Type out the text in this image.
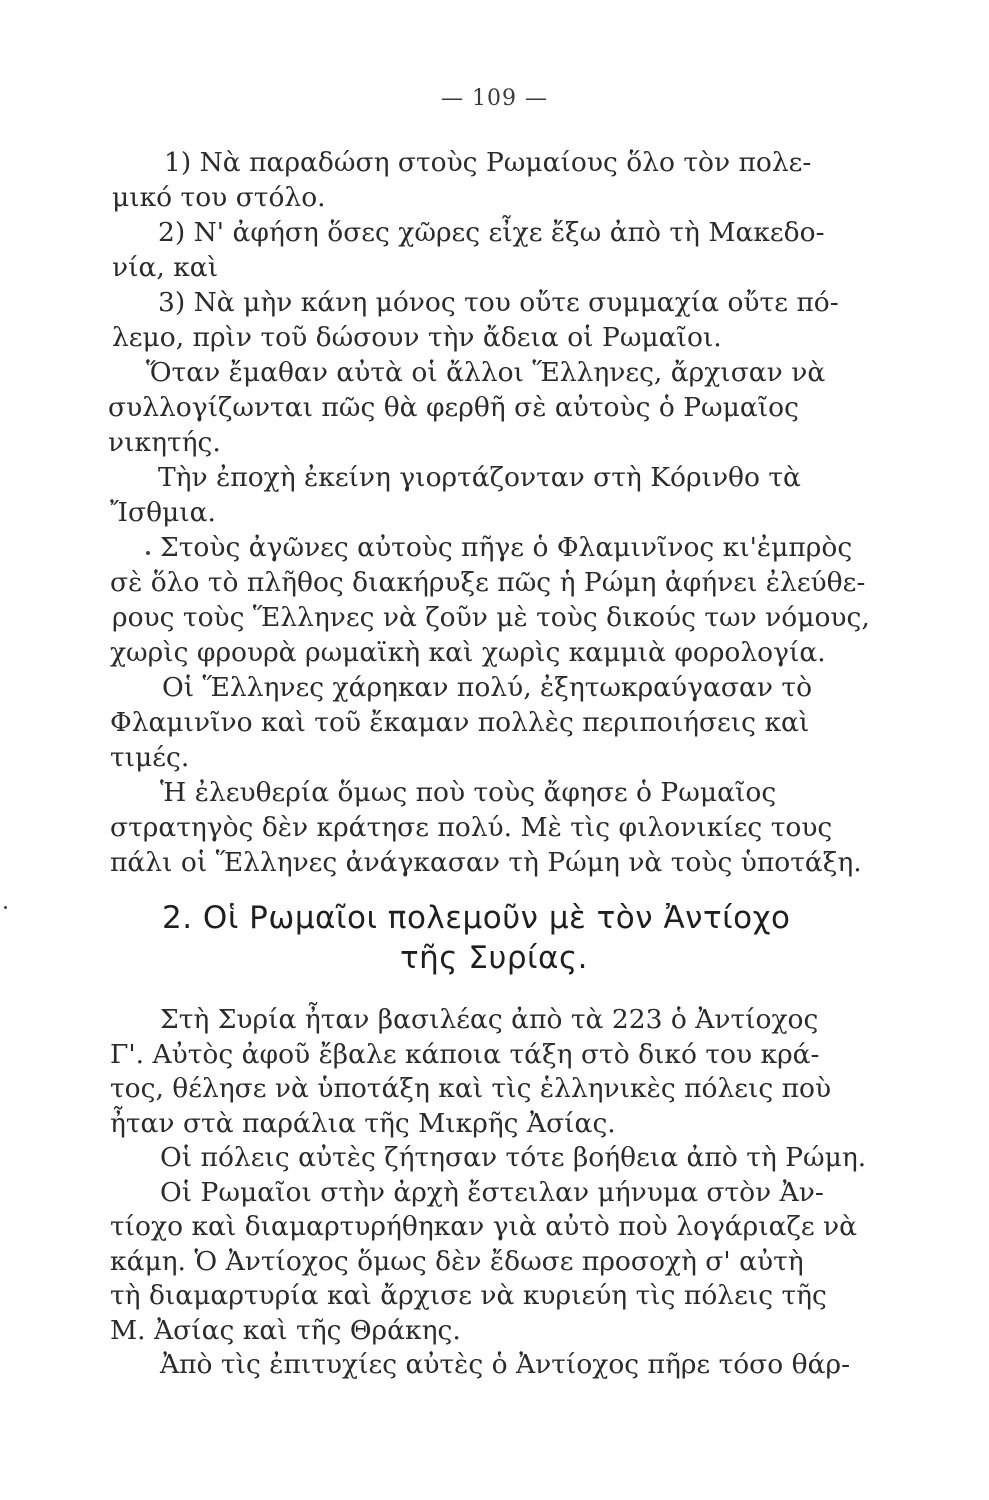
— 109 —
1) Νὰ παραδώση στοὺς Ρωμαίους ὅλο τὸν πολε-
μικό του στόλο.
2) Ν' ἀφήση ὅσες χῶρες εἶχε ἔξω ἀπὸ τὴ Μακεδο-
νία, καὶ
3) Νὰ μὴν κάνη μόνος του οὔτε συμμαχία οὔτε πό-
λεμο, πρὶν τοῦ δώσουν τὴν ἄδεια οἱ Ρωμαῖοι.
Ὅταν ἔμαθαν αὐτὰ οἱ ἄλλοι Ἕλληνες, ἄρχισαν νὰ
συλλογίζωνται πῶς θὰ φερθῆ σὲ αὐτοὺς ὁ Ρωμαῖος
νικητής.
Τὴν ἐποχὴ ἐκείνη γιορτάζονταν στὴ Κόρινθο τὰ
Ἴσθμια.
Στοὺς ἀγῶνες αὐτοὺς πῆγε ὁ Φλαμινῖνος κι'ἐμπρὸς
σὲ ὅλο τὸ πλῆθος διακήρυξε πῶς ἡ Ρώμη ἀφήνει ἐλεύθε-
ρους τοὺς Ἕλληνες νὰ ζοῦν μὲ τοὺς δικούς των νόμους,
χωρὶς φρουρὰ ρωμαϊκὴ καὶ χωρὶς καμμιὰ φορολογία.
Οἱ Ἕλληνες χάρηκαν πολύ, ἐξητωκραύγασαν τὸ
Φλαμινῖνο καὶ τοῦ ἔκαμαν πολλὲς περιποιήσεις καὶ
τιμές.
Ἡ ἐλευθερία ὅμως ποὺ τοὺς ἄφησε ὁ Ρωμαῖος
στρατηγὸς δὲν κράτησε πολύ. Μὲ τὶς φιλονικίες τους
πάλι οἱ Ἕλληνες ἀνάγκασαν τὴ Ρώμη νὰ τοὺς ὑποτάξη.
2. Οἱ Ρωμαῖοι πολεμοῦν μὲ τὸν Ἀντίοχο
τῆς Συρίας.
Στὴ Συρία ἦταν βασιλέας ἀπὸ τὰ 223 ὁ Ἀντίοχος
Γ'. Αὐτὸς ἀφοῦ ἔβαλε κάποια τάξη στὸ δικό του κρά-
τος, θέλησε νὰ ὑποτάξη καὶ τὶς ἑλληνικὲς πόλεις ποὺ
ἦταν στὰ παράλια τῆς Μικρῆς Ἀσίας.
Οἱ πόλεις αὐτὲς ζήτησαν τότε βοήθεια ἀπὸ τὴ Ρώμη.
Οἱ Ρωμαῖοι στὴν ἀρχὴ ἔστειλαν μήνυμα στὸν Ἀν-
τίοχο καὶ διαμαρτυρήθηκαν γιὰ αὐτὸ ποὺ λογάριαζε νὰ
κάμη. Ὁ Ἀντίοχος ὅμως δὲν ἔδωσε προσοχὴ σ' αὐτὴ
τὴ διαμαρτυρία καὶ ἄρχισε νὰ κυριεύη τὶς πόλεις τῆς
Μ. Ἀσίας καὶ τῆς Θράκης.
Ἀπὸ τὶς ἐπιτυχίες αὐτὲς ὁ Ἀντίοχος πῆρε τόσο θάρ-
